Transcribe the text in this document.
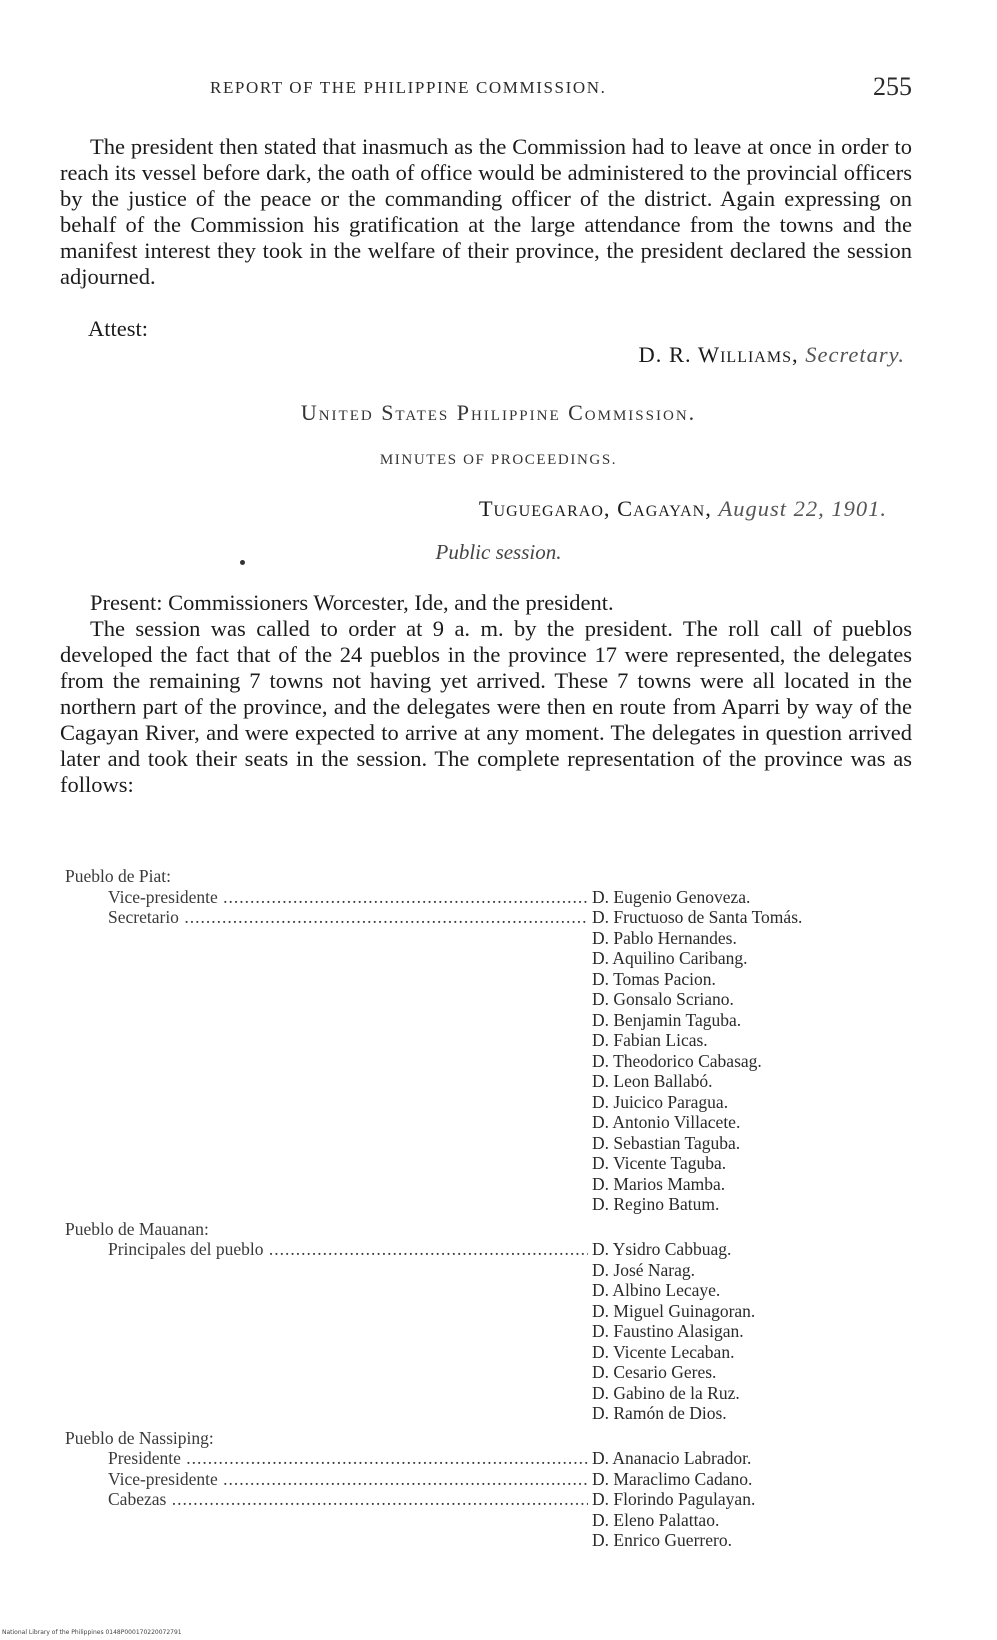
REPORT OF THE PHILIPPINE COMMISSION.	255

The president then stated that inasmuch as the Commission had to leave at once in order to reach its vessel before dark, the oath of office would be administered to the provincial officers by the justice of the peace or the commanding officer of the district. Again expressing on behalf of the Commission his gratification at the large attendance from the towns and the manifest interest they took in the welfare of their province, the president declared the session adjourned.

Attest:
D. R. Williams, Secretary.
United States Philippine Commission.
MINUTES OF PROCEEDINGS.
Tuguegarao, Cagayan, August 22, 1901.
Public session.

Present: Commissioners Worcester, Ide, and the president.

The session was called to order at 9 a. m. by the president. The roll call of pueblos developed the fact that of the 24 pueblos in the province 17 were represented, the delegates from the remaining 7 towns not having yet arrived. These 7 towns were all located in the northern part of the province, and the delegates were then en route from Aparri by way of the Cagayan River, and were expected to arrive at any moment. The delegates in question arrived later and took their seats in the session. The complete representation of the province was as follows:

Pueblo de Piat:
Vice-presidente .....	D. Eugenio Genoveza.
Secretario .....	D. Fructuoso de Santa Tomás.
D. Pablo Hernandes.
D. Aquilino Caribang.
D. Tomas Pacion.
D. Gonsalo Scriano.
D. Benjamin Taguba.
D. Fabian Licas.
D. Theodorico Cabasag.
D. Leon Ballabó.
D. Juicico Paragua.
D. Antonio Villacete.
D. Sebastian Taguba.
D. Vicente Taguba.
D. Marios Mamba.
D. Regino Batum.
Pueblo de Mauanan:
Principales del pueblo .....	D. Ysidro Cabbuag.
D. José Narag.
D. Albino Lecaye.
D. Miguel Guinagoran.
D. Faustino Alasigan.
D. Vicente Lecaban.
D. Cesario Geres.
D. Gabino de la Ruz.
D. Ramón de Dios.
Pueblo de Nassiping:
Presidente .....	D. Ananacio Labrador.
Vice-presidente .....	D. Maraclimo Cadano.
Cabezas .....	D. Florindo Pagulayan.
D. Eleno Palattao.
D. Enrico Guerrero.
National Library of the Philippines 0148P000170220072791
